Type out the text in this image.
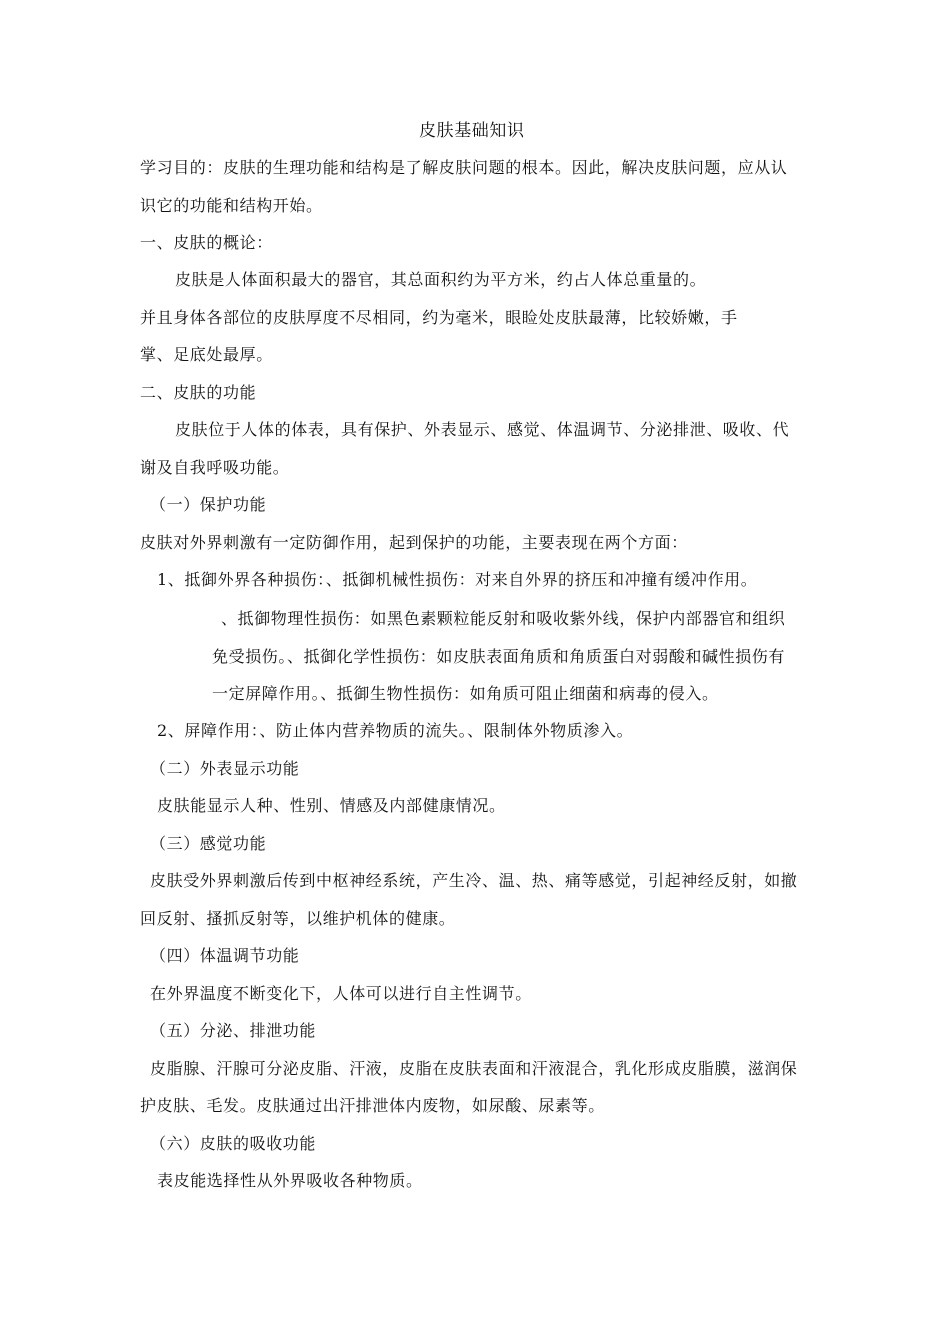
皮肤基础知识
学习目的：皮肤的生理功能和结构是了解皮肤问题的根本。因此，解决皮肤问题，应从认
识它的功能和结构开始。
一、皮肤的概论：
皮肤是人体面积最大的器官，其总面积约为平方米，约占人体总重量的。
并且身体各部位的皮肤厚度不尽相同，约为毫米，眼睑处皮肤最薄，比较娇嫩，手
掌、足底处最厚。
二、皮肤的功能
皮肤位于人体的体表，具有保护、外表显示、感觉、体温调节、分泌排泄、吸收、代
谢及自我呼吸功能。
（一）保护功能
皮肤对外界刺激有一定防御作用，起到保护的功能，主要表现在两个方面：
1、抵御外界各种损伤：、抵御机械性损伤：对来自外界的挤压和冲撞有缓冲作用。
、抵御物理性损伤：如黑色素颗粒能反射和吸收紫外线，保护内部器官和组织
免受损伤。、抵御化学性损伤：如皮肤表面角质和角质蛋白对弱酸和碱性损伤有
一定屏障作用。、抵御生物性损伤：如角质可阻止细菌和病毒的侵入。
2、屏障作用：、防止体内营养物质的流失。、限制体外物质渗入。
（二）外表显示功能
皮肤能显示人种、性别、情感及内部健康情况。
（三）感觉功能
皮肤受外界刺激后传到中枢神经系统，产生冷、温、热、痛等感觉，引起神经反射，如撤
回反射、搔抓反射等，以维护机体的健康。
（四）体温调节功能
在外界温度不断变化下，人体可以进行自主性调节。
（五）分泌、排泄功能
皮脂腺、汗腺可分泌皮脂、汗液，皮脂在皮肤表面和汗液混合，乳化形成皮脂膜，滋润保
护皮肤、毛发。皮肤通过出汗排泄体内废物，如尿酸、尿素等。
（六）皮肤的吸收功能
表皮能选择性从外界吸收各种物质。
